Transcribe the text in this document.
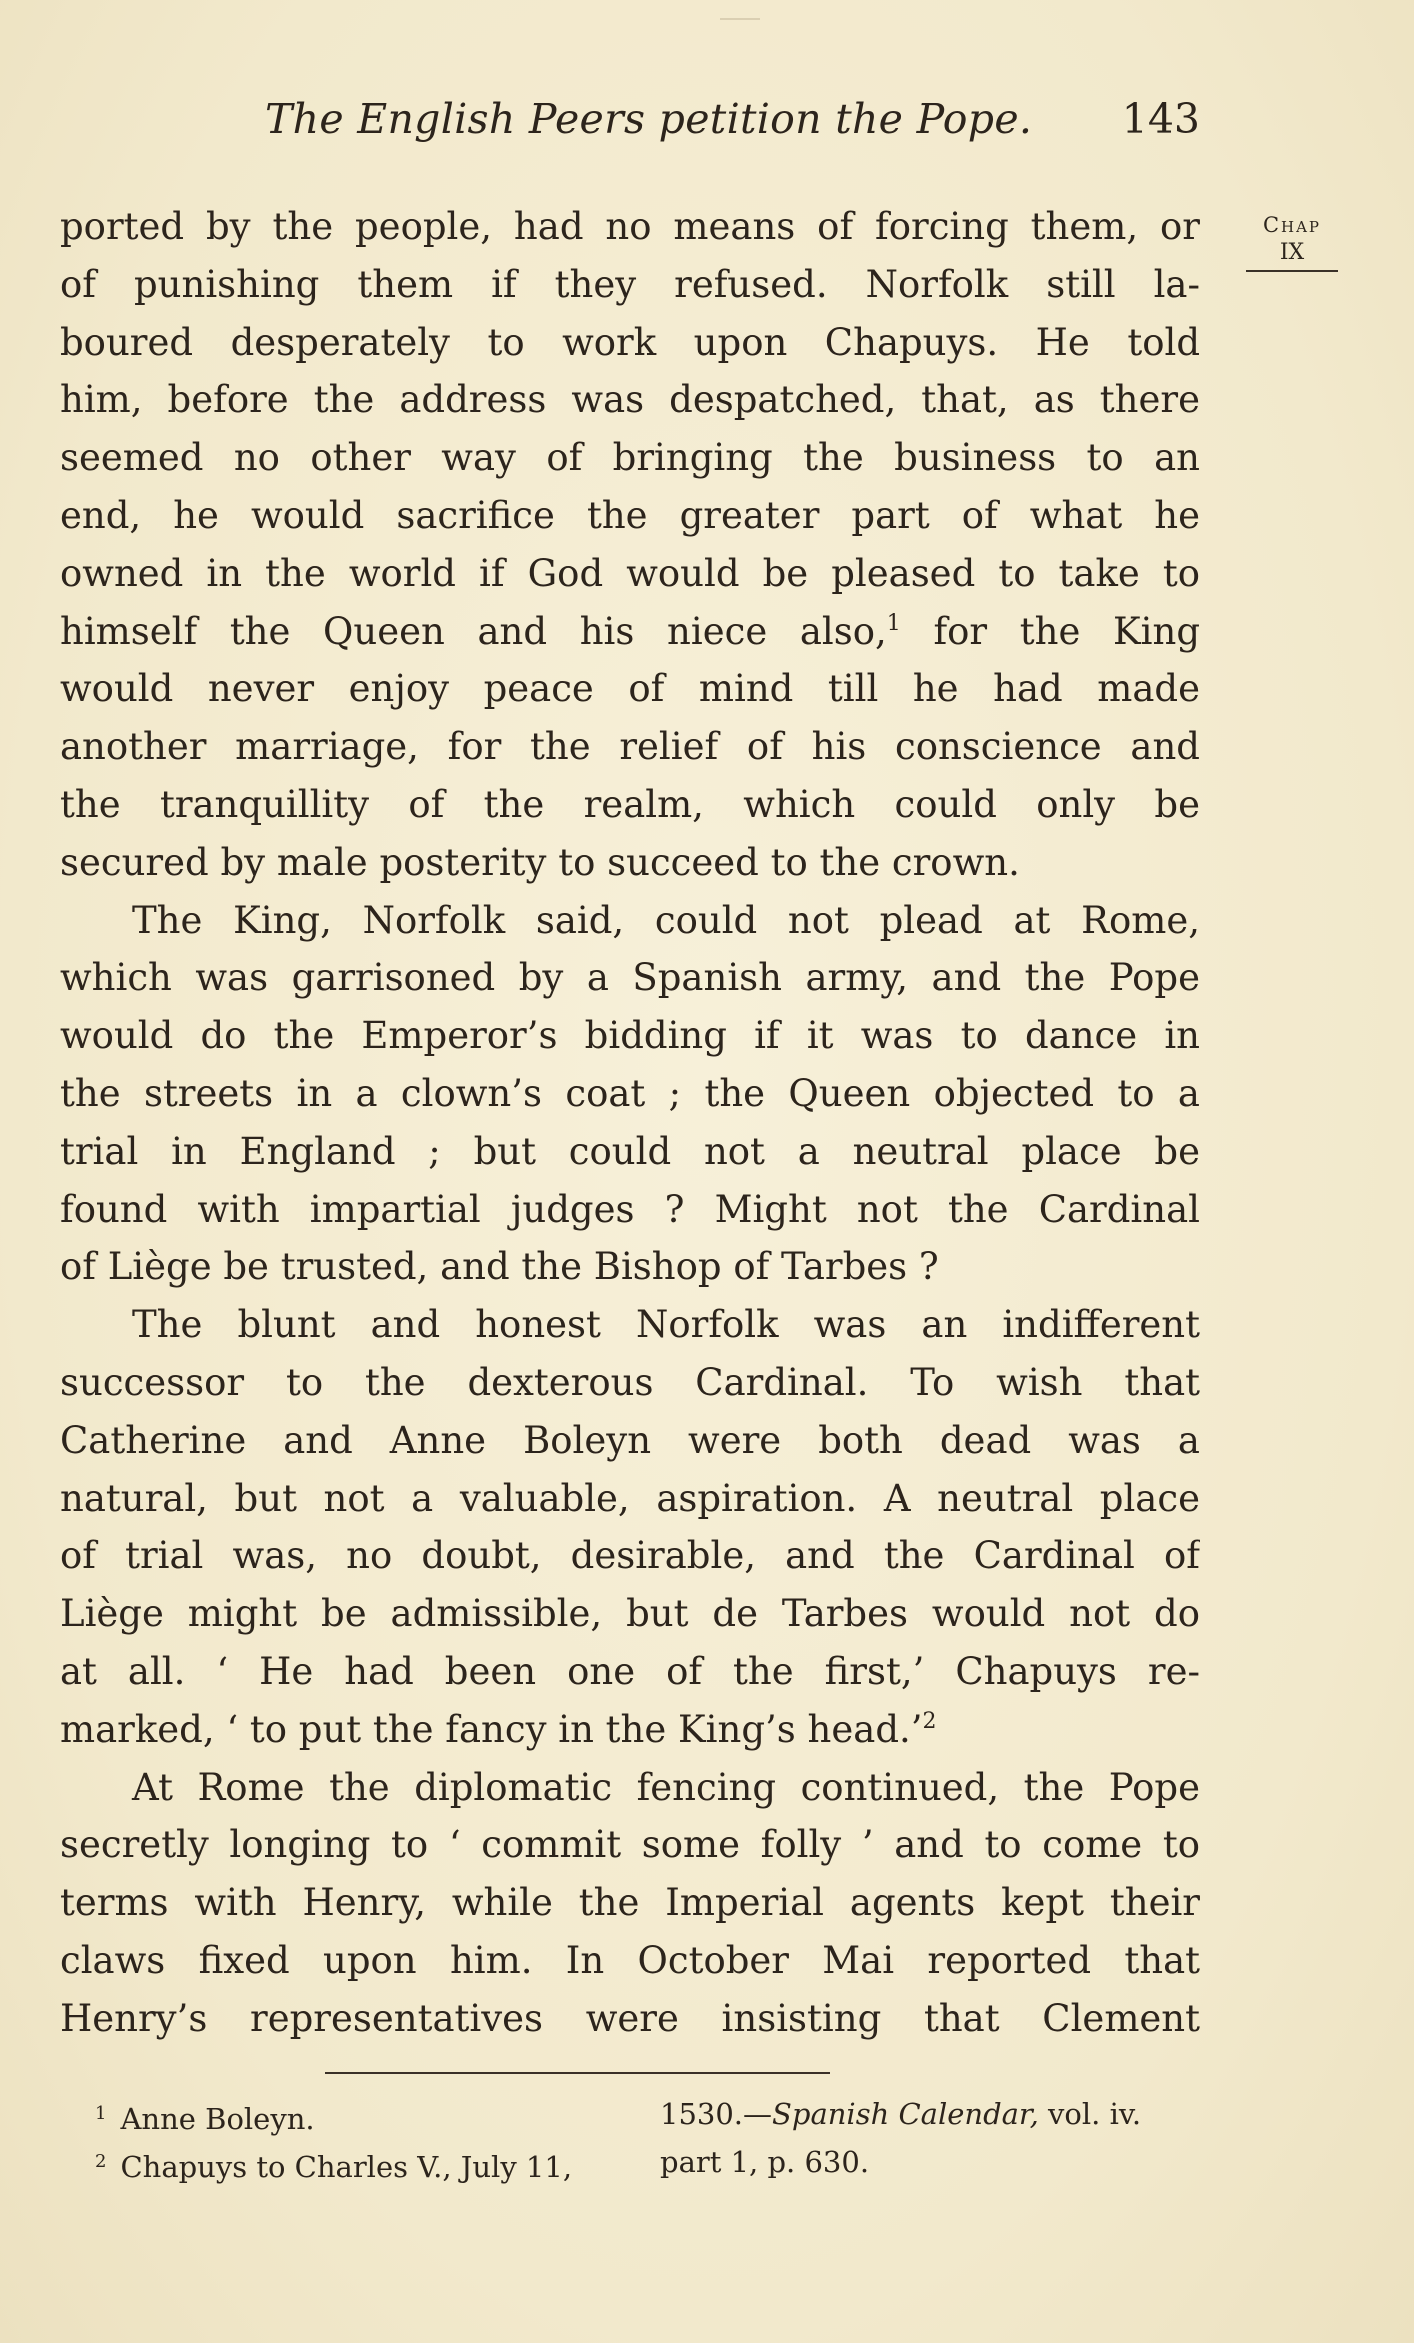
The English Peers petition the Pope. 143
Chap
IX
ported by the people, had no means of forcing them, or
of punishing them if they refused. Norfolk still la-
boured desperately to work upon Chapuys. He told
him, before the address was despatched, that, as there
seemed no other way of bringing the business to an
end, he would sacrifice the greater part of what he
owned in the world if God would be pleased to take to
himself the Queen and his niece also,$^1$ for the King
would never enjoy peace of mind till he had made
another marriage, for the relief of his conscience and
the tranquillity of the realm, which could only be
secured by male posterity to succeed to the crown.
The King, Norfolk said, could not plead at Rome,
which was garrisoned by a Spanish army, and the Pope
would do the Emperor’s bidding if it was to dance in
the streets in a clown’s coat ; the Queen objected to a
trial in England ; but could not a neutral place be
found with impartial judges ? Might not the Cardinal
of Liège be trusted, and the Bishop of Tarbes ?
The blunt and honest Norfolk was an indifferent
successor to the dexterous Cardinal. To wish that
Catherine and Anne Boleyn were both dead was a
natural, but not a valuable, aspiration. A neutral place
of trial was, no doubt, desirable, and the Cardinal of
Liège might be admissible, but de Tarbes would not do
at all. ‘ He had been one of the first,’ Chapuys re-
marked, ‘ to put the fancy in the King’s head.’$^2$
At Rome the diplomatic fencing continued, the Pope
secretly longing to ‘ commit some folly ’ and to come to
terms with Henry, while the Imperial agents kept their
claws fixed upon him. In October Mai reported that
Henry’s representatives were insisting that Clement
$^1$ Anne Boleyn.	1530.—Spanish Calendar, vol. iv.
$^2$ Chapuys to Charles V., July 11,	part 1, p. 630.
